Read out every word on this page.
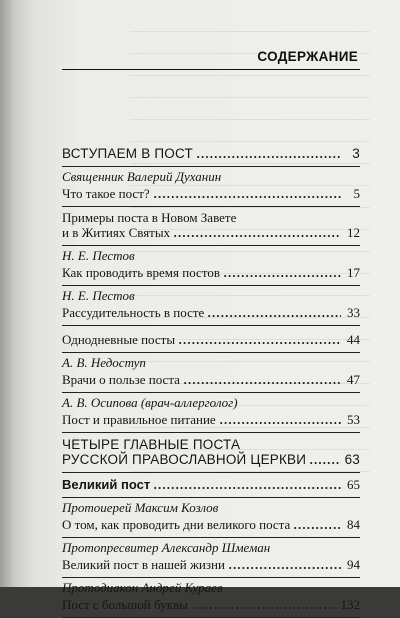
СОДЕРЖАНИЕ
ВСТУПАЕМ В ПОСТ	3
Священник Валерий Духанин
Что такое пост?	5
Примеры поста в Новом Завете
и в Житиях Святых	12
Н. Е. Пестов
Как проводить время постов	17
Н. Е. Пестов
Рассудительность в посте	33
Однодневные посты	44
А. В. Недоступ
Врачи о пользе поста	47
А. В. Осипова (врач-аллерголог)
Пост и правильное питание	53
ЧЕТЫРЕ ГЛАВНЫЕ ПОСТА
РУССКОЙ ПРАВОСЛАВНОЙ ЦЕРКВИ	63
Великий пост	65
Протоиерей Максим Козлов
О том, как проводить дни великого поста	84
Протопресвитер Александр Шмеман
Великий пост в нашей жизни	94
Протодиакон Андрей Кураев
Пост с большой буквы	132
